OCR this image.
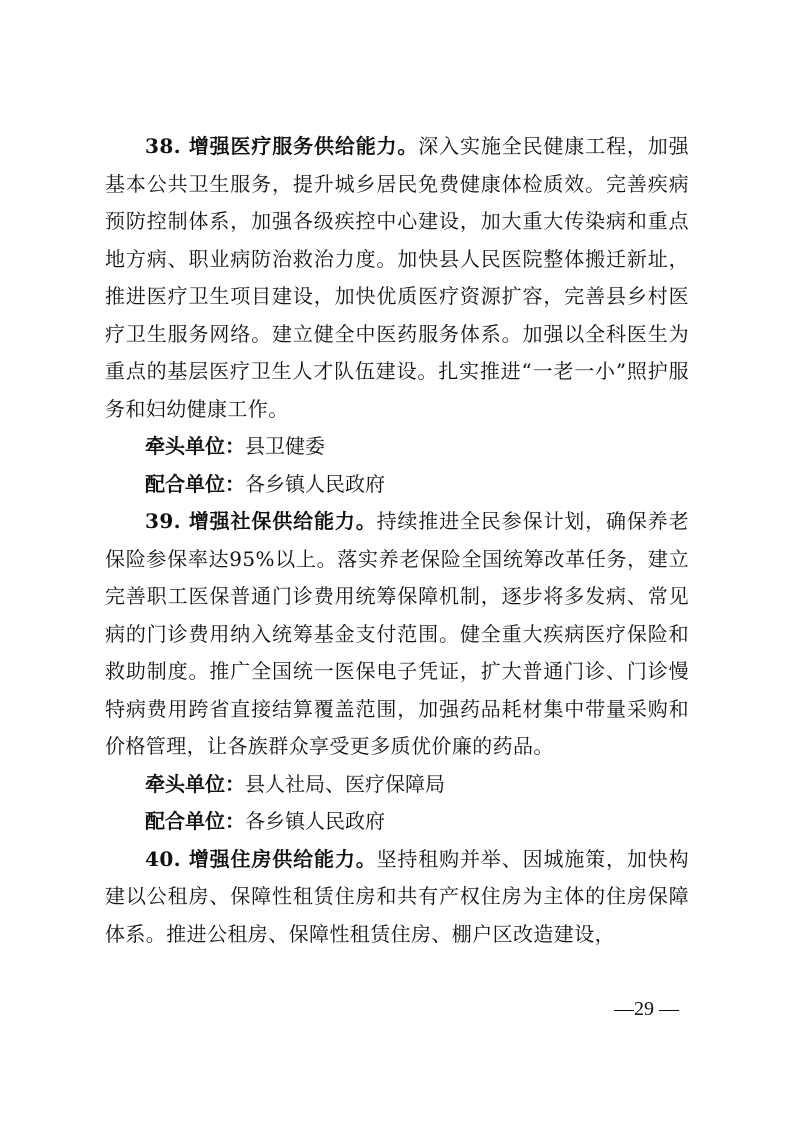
38. 增强医疗服务供给能力。深入实施全民健康工程，加强基本公共卫生服务，提升城乡居民免费健康体检质效。完善疾病预防控制体系，加强各级疾控中心建设，加大重大传染病和重点地方病、职业病防治救治力度。加快县人民医院整体搬迁新址，推进医疗卫生项目建设，加快优质医疗资源扩容，完善县乡村医疗卫生服务网络。建立健全中医药服务体系。加强以全科医生为重点的基层医疗卫生人才队伍建设。扎实推进“一老一小”照护服务和妇幼健康工作。

牵头单位：县卫健委

配合单位：各乡镇人民政府

39. 增强社保供给能力。持续推进全民参保计划，确保养老保险参保率达95%以上。落实养老保险全国统筹改革任务，建立完善职工医保普通门诊费用统筹保障机制，逐步将多发病、常见病的门诊费用纳入统筹基金支付范围。健全重大疾病医疗保险和救助制度。推广全国统一医保电子凭证，扩大普通门诊、门诊慢特病费用跨省直接结算覆盖范围，加强药品耗材集中带量采购和价格管理，让各族群众享受更多质优价廉的药品。

牵头单位：县人社局、医疗保障局

配合单位：各乡镇人民政府

40. 增强住房供给能力。坚持租购并举、因城施策，加快构建以公租房、保障性租赁住房和共有产权住房为主体的住房保障体系。推进公租房、保障性租赁住房、棚户区改造建设，

—29 —
